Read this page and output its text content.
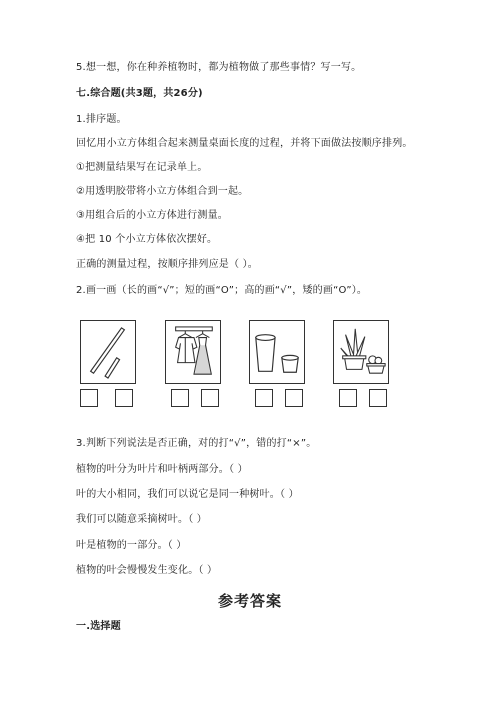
5.想一想，你在种养植物时，都为植物做了那些事情？写一写。
七.综合题(共3题，共26分)
1.排序题。
回忆用小立方体组合起来测量桌面长度的过程，并将下面做法按顺序排列。
①把测量结果写在记录单上。
②用透明胶带将小立方体组合到一起。
③用组合后的小立方体进行测量。
④把 10 个小立方体依次摆好。
正确的测量过程，按顺序排列应是（ ）。
2.画一画（长的画“√”；短的画“O”；高的画“√”，矮的画“O”）。
3.判断下列说法是否正确，对的打“√”，错的打“×”。
植物的叶分为叶片和叶柄两部分。（ ）
叶的大小相同，我们可以说它是同一种树叶。（ ）
我们可以随意采摘树叶。（ ）
叶是植物的一部分。（ ）
植物的叶会慢慢发生变化。（ ）
参考答案
一.选择题
